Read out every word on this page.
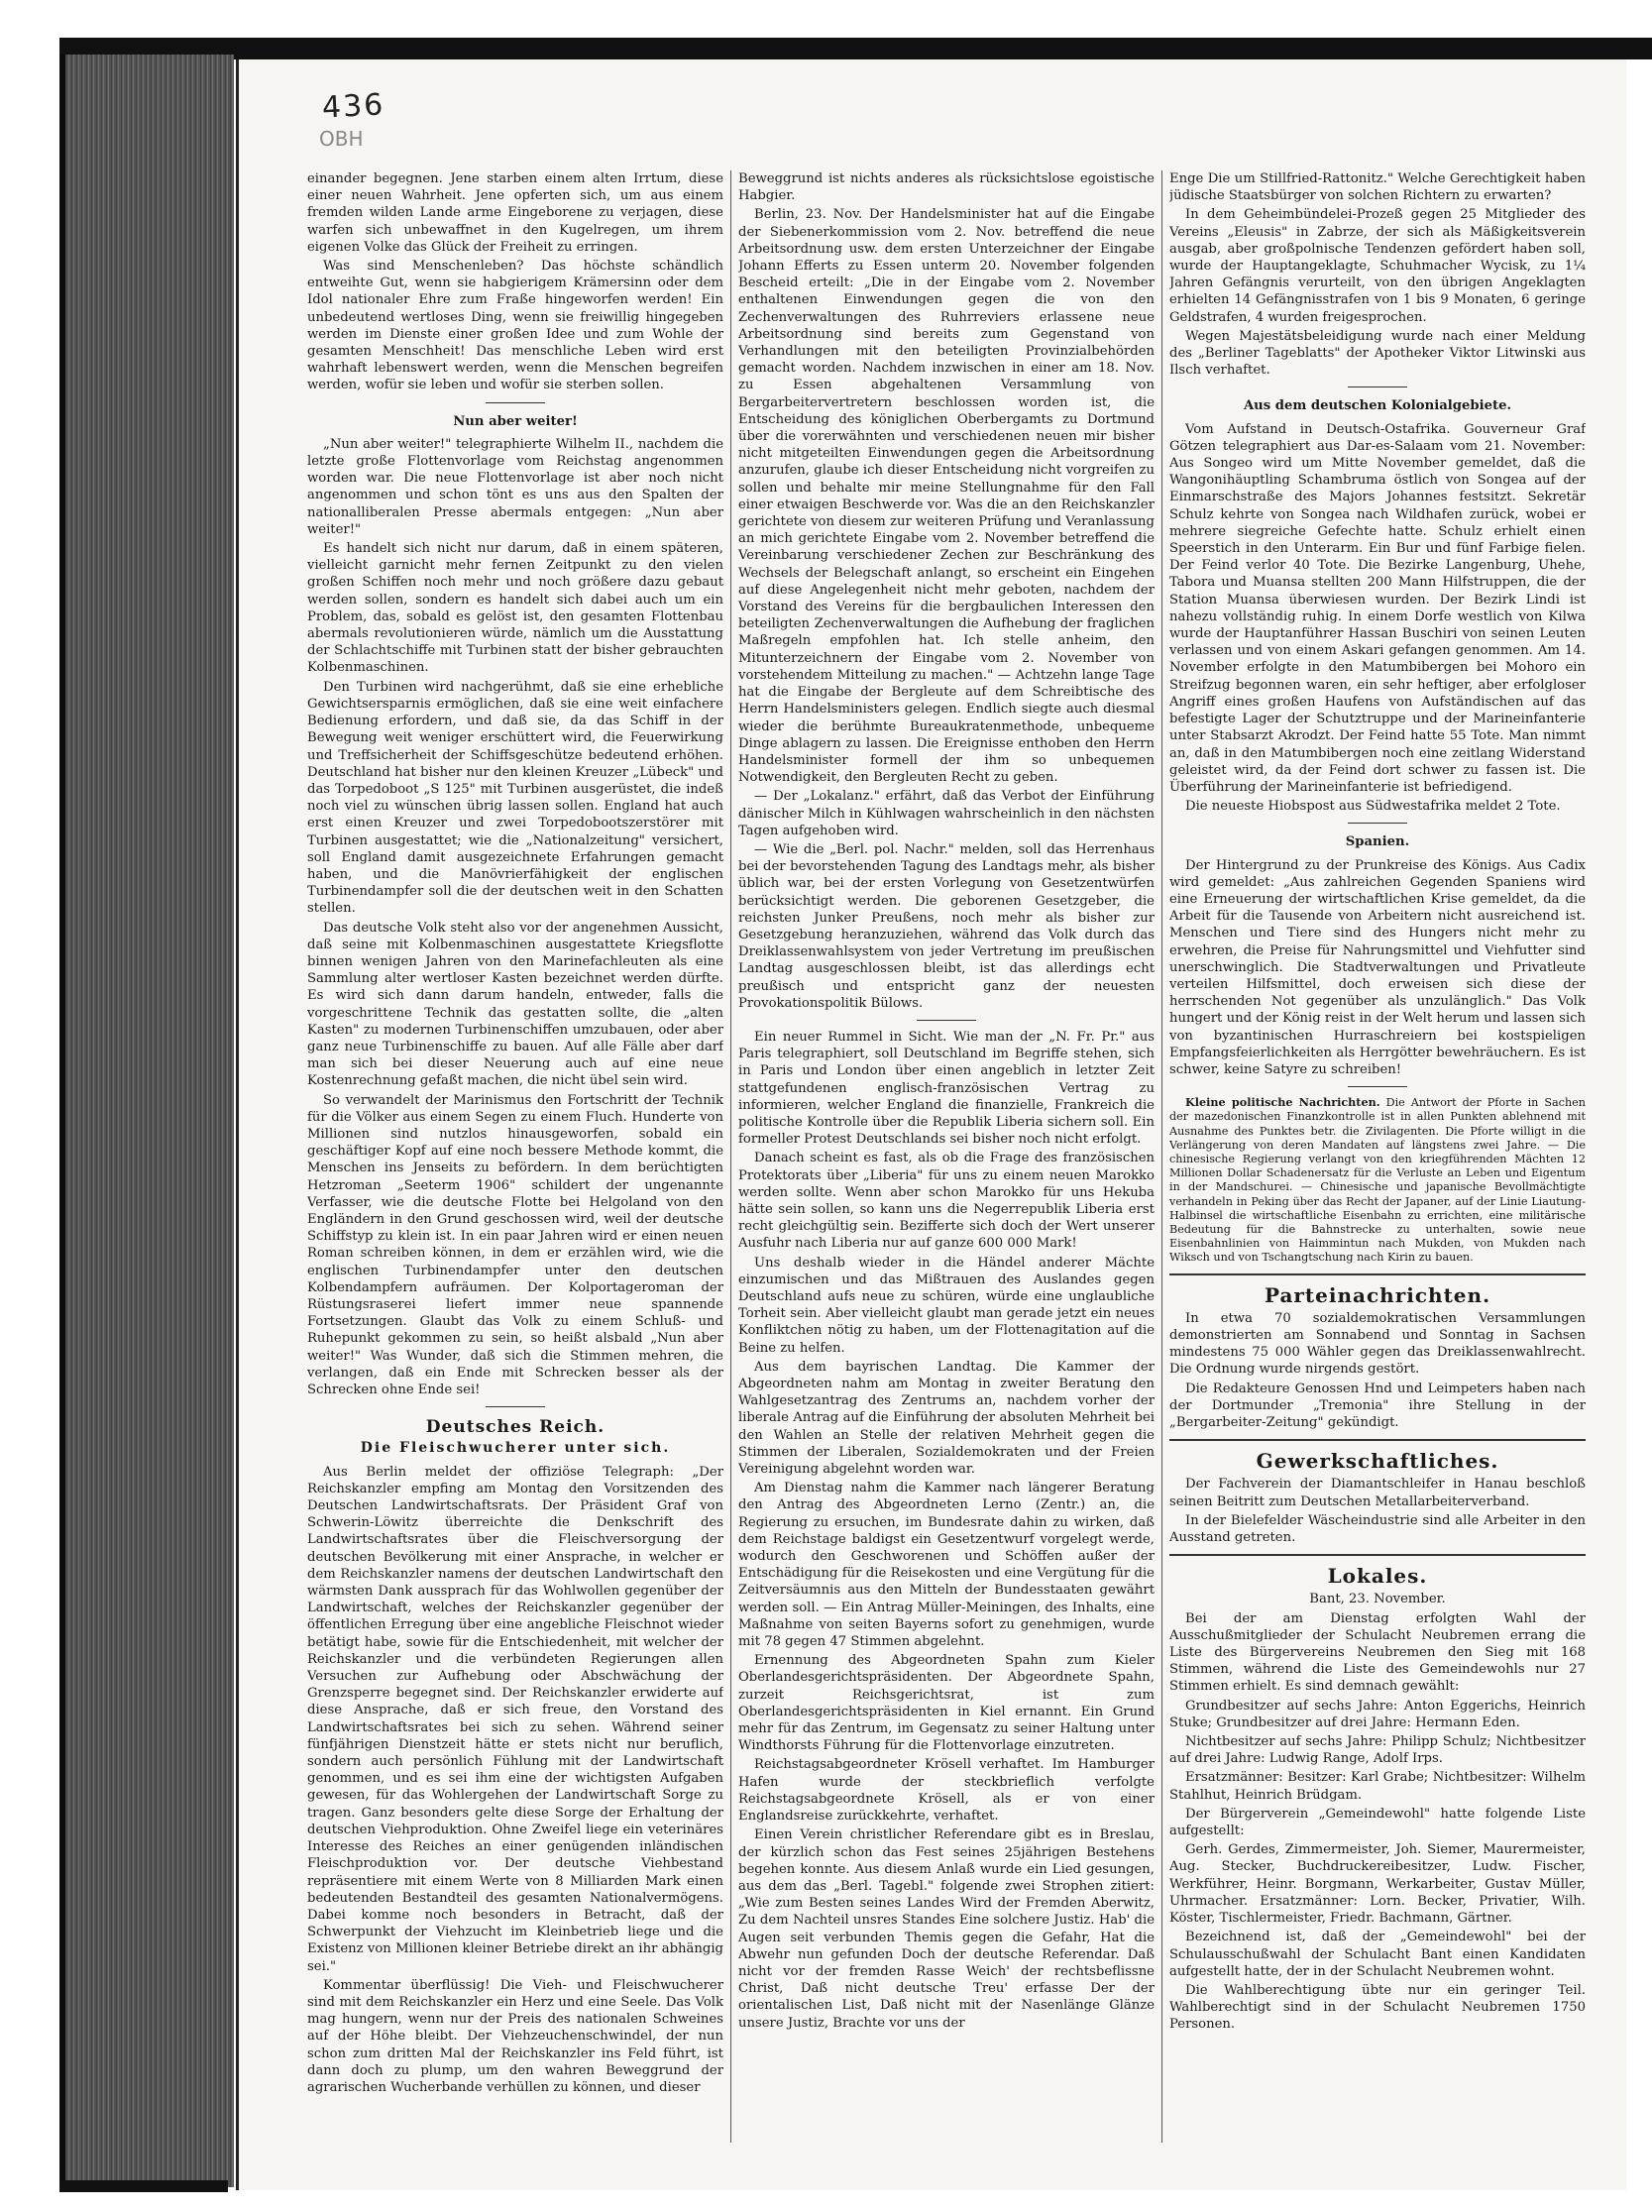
436
OBH

einander begegnen. Jene starben einem alten Irrtum, diese einer neuen Wahrheit. Jene opferten sich, um aus einem fremden wilden Lande arme Eingeborene zu verjagen, diese warfen sich unbewaffnet in den Kugelregen, um ihrem eigenen Volke das Glück der Freiheit zu erringen.

Was sind Menschenleben? Das höchste schändlich entweihte Gut, wenn sie habgierigem Krämersinn oder dem Idol nationaler Ehre zum Fraße hingeworfen werden! Ein unbedeutend wertloses Ding, wenn sie freiwillig hingegeben werden im Dienste einer großen Idee und zum Wohle der gesamten Menschheit! Das menschliche Leben wird erst wahrhaft lebenswert werden, wenn die Menschen begreifen werden, wofür sie leben und wofür sie sterben sollen.

Nun aber weiter!

„Nun aber weiter!" telegraphierte Wilhelm II., nachdem die letzte große Flottenvorlage vom Reichstag angenommen worden war. Die neue Flottenvorlage ist aber noch nicht angenommen und schon tönt es uns aus den Spalten der nationalliberalen Presse abermals entgegen: „Nun aber weiter!"

Es handelt sich nicht nur darum, daß in einem späteren, vielleicht garnicht mehr fernen Zeitpunkt zu den vielen großen Schiffen noch mehr und noch größere dazu gebaut werden sollen, sondern es handelt sich dabei auch um ein Problem, das, sobald es gelöst ist, den gesamten Flottenbau abermals revolutionieren würde, nämlich um die Ausstattung der Schlachtschiffe mit Turbinen statt der bisher gebrauchten Kolbenmaschinen.

Den Turbinen wird nachgerühmt, daß sie eine erhebliche Gewichtsersparnis ermöglichen, daß sie eine weit einfachere Bedienung erfordern, und daß sie, da das Schiff in der Bewegung weit weniger erschüttert wird, die Feuerwirkung und Treffsicherheit der Schiffsgeschütze bedeutend erhöhen. Deutschland hat bisher nur den kleinen Kreuzer „Lübeck" und das Torpedoboot „S 125" mit Turbinen ausgerüstet, die indeß noch viel zu wünschen übrig lassen sollen. England hat auch erst einen Kreuzer und zwei Torpedobootszerstörer mit Turbinen ausgestattet; wie die „Nationalzeitung" versichert, soll England damit ausgezeichnete Erfahrungen gemacht haben, und die Manövrierfähigkeit der englischen Turbinendampfer soll die der deutschen weit in den Schatten stellen.

Das deutsche Volk steht also vor der angenehmen Aussicht, daß seine mit Kolbenmaschinen ausgestattete Kriegsflotte binnen wenigen Jahren von den Marinefachleuten als eine Sammlung alter wertloser Kasten bezeichnet werden dürfte. Es wird sich dann darum handeln, entweder, falls die vorgeschrittene Technik das gestatten sollte, die „alten Kasten" zu modernen Turbinenschiffen umzubauen, oder aber ganz neue Turbinenschiffe zu bauen. Auf alle Fälle aber darf man sich bei dieser Neuerung auch auf eine neue Kostenrechnung gefaßt machen, die nicht übel sein wird.

So verwandelt der Marinismus den Fortschritt der Technik für die Völker aus einem Segen zu einem Fluch. Hunderte von Millionen sind nutzlos hinausgeworfen, sobald ein geschäftiger Kopf auf eine noch bessere Methode kommt, die Menschen ins Jenseits zu befördern. In dem berüchtigten Hetzroman „Seeterm 1906" schildert der ungenannte Verfasser, wie die deutsche Flotte bei Helgoland von den Engländern in den Grund geschossen wird, weil der deutsche Schiffstyp zu klein ist. In ein paar Jahren wird er einen neuen Roman schreiben können, in dem er erzählen wird, wie die englischen Turbinendampfer unter den deutschen Kolbendampfern aufräumen. Der Kolportageroman der Rüstungsraserei liefert immer neue spannende Fortsetzungen. Glaubt das Volk zu einem Schluß- und Ruhepunkt gekommen zu sein, so heißt alsbald „Nun aber weiter!" Was Wunder, daß sich die Stimmen mehren, die verlangen, daß ein Ende mit Schrecken besser als der Schrecken ohne Ende sei!

Deutsches Reich.
Die Fleischwucherer unter sich.

Aus Berlin meldet der offiziöse Telegraph: „Der Reichskanzler empfing am Montag den Vorsitzenden des Deutschen Landwirtschaftsrats. Der Präsident Graf von Schwerin-Löwitz überreichte die Denkschrift des Landwirtschaftsrates über die Fleischversorgung der deutschen Bevölkerung mit einer Ansprache, in welcher er dem Reichskanzler namens der deutschen Landwirtschaft den wärmsten Dank aussprach für das Wohlwollen gegenüber der Landwirtschaft, welches der Reichskanzler gegenüber der öffentlichen Erregung über eine angebliche Fleischnot wieder betätigt habe, sowie für die Entschiedenheit, mit welcher der Reichskanzler und die verbündeten Regierungen allen Versuchen zur Aufhebung oder Abschwächung der Grenzsperre begegnet sind. Der Reichskanzler erwiderte auf diese Ansprache, daß er sich freue, den Vorstand des Landwirtschaftsrates bei sich zu sehen. Während seiner fünfjährigen Dienstzeit hätte er stets nicht nur beruflich, sondern auch persönlich Fühlung mit der Landwirtschaft genommen, und es sei ihm eine der wichtigsten Aufgaben gewesen, für das Wohlergehen der Landwirtschaft Sorge zu tragen. Ganz besonders gelte diese Sorge der Erhaltung der deutschen Viehproduktion. Ohne Zweifel liege ein veterinäres Interesse des Reiches an einer genügenden inländischen Fleischproduktion vor. Der deutsche Viehbestand repräsentiere mit einem Werte von 8 Milliarden Mark einen bedeutenden Bestandteil des gesamten Nationalvermögens. Dabei komme noch besonders in Betracht, daß der Schwerpunkt der Viehzucht im Kleinbetrieb liege und die Existenz von Millionen kleiner Betriebe direkt an ihr abhängig sei."

Kommentar überflüssig! Die Vieh- und Fleischwucherer sind mit dem Reichskanzler ein Herz und eine Seele. Das Volk mag hungern, wenn nur der Preis des nationalen Schweines auf der Höhe bleibt. Der Viehzeuchenschwindel, der nun schon zum dritten Mal der Reichskanzler ins Feld führt, ist dann doch zu plump, um den wahren Beweggrund der agrarischen Wucherbande verhüllen zu können, und dieser

Beweggrund ist nichts anderes als rücksichtslose egoistische Habgier.

Berlin, 23. Nov. Der Handelsminister hat auf die Eingabe der Siebenerkommission vom 2. Nov. betreffend die neue Arbeitsordnung usw. dem ersten Unterzeichner der Eingabe Johann Efferts zu Essen unterm 20. November folgenden Bescheid erteilt: „Die in der Eingabe vom 2. November enthaltenen Einwendungen gegen die von den Zechenverwaltungen des Ruhrreviers erlassene neue Arbeitsordnung sind bereits zum Gegenstand von Verhandlungen mit den beteiligten Provinzialbehörden gemacht worden. Nachdem inzwischen in einer am 18. Nov. zu Essen abgehaltenen Versammlung von Bergarbeitervertretern beschlossen worden ist, die Entscheidung des königlichen Oberbergamts zu Dortmund über die vorerwähnten und verschiedenen neuen mir bisher nicht mitgeteilten Einwendungen gegen die Arbeitsordnung anzurufen, glaube ich dieser Entscheidung nicht vorgreifen zu sollen und behalte mir meine Stellungnahme für den Fall einer etwaigen Beschwerde vor. Was die an den Reichskanzler gerichtete von diesem zur weiteren Prüfung und Veranlassung an mich gerichtete Eingabe vom 2. November betreffend die Vereinbarung verschiedener Zechen zur Beschränkung des Wechsels der Belegschaft anlangt, so erscheint ein Eingehen auf diese Angelegenheit nicht mehr geboten, nachdem der Vorstand des Vereins für die bergbaulichen Interessen den beteiligten Zechenverwaltungen die Aufhebung der fraglichen Maßregeln empfohlen hat. Ich stelle anheim, den Mitunterzeichnern der Eingabe vom 2. November von vorstehendem Mitteilung zu machen." — Achtzehn lange Tage hat die Eingabe der Bergleute auf dem Schreibtische des Herrn Handelsministers gelegen. Endlich siegte auch diesmal wieder die berühmte Bureaukratenmethode, unbequeme Dinge ablagern zu lassen. Die Ereignisse enthoben den Herrn Handelsminister formell der ihm so unbequemen Notwendigkeit, den Bergleuten Recht zu geben.

— Der „Lokalanz." erfährt, daß das Verbot der Einführung dänischer Milch in Kühlwagen wahrscheinlich in den nächsten Tagen aufgehoben wird.

— Wie die „Berl. pol. Nachr." melden, soll das Herrenhaus bei der bevorstehenden Tagung des Landtags mehr, als bisher üblich war, bei der ersten Vorlegung von Gesetzentwürfen berücksichtigt werden. Die geborenen Gesetzgeber, die reichsten Junker Preußens, noch mehr als bisher zur Gesetzgebung heranzuziehen, während das Volk durch das Dreiklassenwahlsystem von jeder Vertretung im preußischen Landtag ausgeschlossen bleibt, ist das allerdings echt preußisch und entspricht ganz der neuesten Provokationspolitik Bülows.

Ein neuer Rummel in Sicht. Wie man der „N. Fr. Pr." aus Paris telegraphiert, soll Deutschland im Begriffe stehen, sich in Paris und London über einen angeblich in letzter Zeit stattgefundenen englisch-französischen Vertrag zu informieren, welcher England die finanzielle, Frankreich die politische Kontrolle über die Republik Liberia sichern soll. Ein formeller Protest Deutschlands sei bisher noch nicht erfolgt.

Danach scheint es fast, als ob die Frage des französischen Protektorats über „Liberia" für uns zu einem neuen Marokko werden sollte. Wenn aber schon Marokko für uns Hekuba hätte sein sollen, so kann uns die Negerrepublik Liberia erst recht gleichgültig sein. Bezifferte sich doch der Wert unserer Ausfuhr nach Liberia nur auf ganze 600 000 Mark!

Uns deshalb wieder in die Händel anderer Mächte einzumischen und das Mißtrauen des Auslandes gegen Deutschland aufs neue zu schüren, würde eine unglaubliche Torheit sein. Aber vielleicht glaubt man gerade jetzt ein neues Konfliktchen nötig zu haben, um der Flottenagitation auf die Beine zu helfen.

Aus dem bayrischen Landtag. Die Kammer der Abgeordneten nahm am Montag in zweiter Beratung den Wahlgesetzantrag des Zentrums an, nachdem vorher der liberale Antrag auf die Einführung der absoluten Mehrheit bei den Wahlen an Stelle der relativen Mehrheit gegen die Stimmen der Liberalen, Sozialdemokraten und der Freien Vereinigung abgelehnt worden war.

Am Dienstag nahm die Kammer nach längerer Beratung den Antrag des Abgeordneten Lerno (Zentr.) an, die Regierung zu ersuchen, im Bundesrate dahin zu wirken, daß dem Reichstage baldigst ein Gesetzentwurf vorgelegt werde, wodurch den Geschworenen und Schöffen außer der Entschädigung für die Reisekosten und eine Vergütung für die Zeitversäumnis aus den Mitteln der Bundesstaaten gewährt werden soll. — Ein Antrag Müller-Meiningen, des Inhalts, eine Maßnahme von seiten Bayerns sofort zu genehmigen, wurde mit 78 gegen 47 Stimmen abgelehnt.

Ernennung des Abgeordneten Spahn zum Kieler Oberlandesgerichtspräsidenten. Der Abgeordnete Spahn, zurzeit Reichsgerichtsrat, ist zum Oberlandesgerichtspräsidenten in Kiel ernannt. Ein Grund mehr für das Zentrum, im Gegensatz zu seiner Haltung unter Windthorsts Führung für die Flottenvorlage einzutreten.

Reichstagsabgeordneter Krösell verhaftet. Im Hamburger Hafen wurde der steckbrieflich verfolgte Reichstagsabgeordnete Krösell, als er von einer Englandsreise zurückkehrte, verhaftet.

Einen Verein christlicher Referendare gibt es in Breslau, der kürzlich schon das Fest seines 25jährigen Bestehens begehen konnte. Aus diesem Anlaß wurde ein Lied gesungen, aus dem das „Berl. Tagebl." folgende zwei Strophen zitiert: „Wie zum Besten seines Landes Wird der Fremden Aberwitz, Zu dem Nachteil unsres Standes Eine solchere Justiz. Hab' die Augen seit verbunden Themis gegen die Gefahr, Hat die Abwehr nun gefunden Doch der deutsche Referendar. Daß nicht vor der fremden Rasse Weich' der rechtsbeflissne Christ, Daß nicht deutsche Treu' erfasse Der der orientalischen List, Daß nicht mit der Nasenlänge Glänze unsere Justiz, Brachte vor uns der

Enge Die um Stillfried-Rattonitz." Welche Gerechtigkeit haben jüdische Staatsbürger von solchen Richtern zu erwarten?

In dem Geheimbündelei-Prozeß gegen 25 Mitglieder des Vereins „Eleusis" in Zabrze, der sich als Mäßigkeitsverein ausgab, aber großpolnische Tendenzen gefördert haben soll, wurde der Hauptangeklagte, Schuhmacher Wycisk, zu 1¼ Jahren Gefängnis verurteilt, von den übrigen Angeklagten erhielten 14 Gefängnisstrafen von 1 bis 9 Monaten, 6 geringe Geldstrafen, 4 wurden freigesprochen.

Wegen Majestätsbeleidigung wurde nach einer Meldung des „Berliner Tageblatts" der Apotheker Viktor Litwinski aus Ilsch verhaftet.

Aus dem deutschen Kolonialgebiete.

Vom Aufstand in Deutsch-Ostafrika. Gouverneur Graf Götzen telegraphiert aus Dar-es-Salaam vom 21. November: Aus Songeo wird um Mitte November gemeldet, daß die Wangonihäuptling Schambruma östlich von Songea auf der Einmarschstraße des Majors Johannes festsitzt. Sekretär Schulz kehrte von Songea nach Wildhafen zurück, wobei er mehrere siegreiche Gefechte hatte. Schulz erhielt einen Speerstich in den Unterarm. Ein Bur und fünf Farbige fielen. Der Feind verlor 40 Tote. Die Bezirke Langenburg, Uhehe, Tabora und Muansa stellten 200 Mann Hilfstruppen, die der Station Muansa überwiesen wurden. Der Bezirk Lindi ist nahezu vollständig ruhig. In einem Dorfe westlich von Kilwa wurde der Hauptanführer Hassan Buschiri von seinen Leuten verlassen und von einem Askari gefangen genommen. Am 14. November erfolgte in den Matumbibergen bei Mohoro ein Streifzug begonnen waren, ein sehr heftiger, aber erfolgloser Angriff eines großen Haufens von Aufständischen auf das befestigte Lager der Schutztruppe und der Marineinfanterie unter Stabsarzt Akrodzt. Der Feind hatte 55 Tote. Man nimmt an, daß in den Matumbibergen noch eine zeitlang Widerstand geleistet wird, da der Feind dort schwer zu fassen ist. Die Überführung der Marineinfanterie ist befriedigend.

Die neueste Hiobspost aus Südwestafrika meldet 2 Tote.

Spanien.

Der Hintergrund zu der Prunkreise des Königs. Aus Cadix wird gemeldet: „Aus zahlreichen Gegenden Spaniens wird eine Erneuerung der wirtschaftlichen Krise gemeldet, da die Arbeit für die Tausende von Arbeitern nicht ausreichend ist. Menschen und Tiere sind des Hungers nicht mehr zu erwehren, die Preise für Nahrungsmittel und Viehfutter sind unerschwinglich. Die Stadtverwaltungen und Privatleute verteilen Hilfsmittel, doch erweisen sich diese der herrschenden Not gegenüber als unzulänglich." Das Volk hungert und der König reist in der Welt herum und lassen sich von byzantinischen Hurraschreiern bei kostspieligen Empfangsfeierlichkeiten als Herrgötter bewehräuchern. Es ist schwer, keine Satyre zu schreiben!

Kleine politische Nachrichten. Die Antwort der Pforte in Sachen der mazedonischen Finanzkontrolle ist in allen Punkten ablehnend mit Ausnahme des Punktes betr. die Zivilagenten. Die Pforte willigt in die Verlängerung von deren Mandaten auf längstens zwei Jahre. — Die chinesische Regierung verlangt von den kriegführenden Mächten 12 Millionen Dollar Schadenersatz für die Verluste an Leben und Eigentum in der Mandschurei. — Chinesische und japanische Bevollmächtigte verhandeln in Peking über das Recht der Japaner, auf der Linie Liautung-Halbinsel die wirtschaftliche Eisenbahn zu errichten, eine militärische Bedeutung für die Bahnstrecke zu unterhalten, sowie neue Eisenbahnlinien von Haimmintun nach Mukden, von Mukden nach Wiksch und von Tschangtschung nach Kirin zu bauen.

Parteinachrichten.

In etwa 70 sozialdemokratischen Versammlungen demonstrierten am Sonnabend und Sonntag in Sachsen mindestens 75 000 Wähler gegen das Dreiklassenwahlrecht. Die Ordnung wurde nirgends gestört.

Die Redakteure Genossen Hnd und Leimpeters haben nach der Dortmunder „Tremonia" ihre Stellung in der „Bergarbeiter-Zeitung" gekündigt.

Gewerkschaftliches.

Der Fachverein der Diamantschleifer in Hanau beschloß seinen Beitritt zum Deutschen Metallarbeiterverband.

In der Bielefelder Wäscheindustrie sind alle Arbeiter in den Ausstand getreten.

Lokales.

Bant, 23. November.

Bei der am Dienstag erfolgten Wahl der Ausschußmitglieder der Schulacht Neubremen errang die Liste des Bürgervereins Neubremen den Sieg mit 168 Stimmen, während die Liste des Gemeindewohls nur 27 Stimmen erhielt. Es sind demnach gewählt:

Grundbesitzer auf sechs Jahre: Anton Eggerichs, Heinrich Stuke; Grundbesitzer auf drei Jahre: Hermann Eden.

Nichtbesitzer auf sechs Jahre: Philipp Schulz; Nichtbesitzer auf drei Jahre: Ludwig Range, Adolf Irps.

Ersatzmänner: Besitzer: Karl Grabe; Nichtbesitzer: Wilhelm Stahlhut, Heinrich Brüdgam.

Der Bürgerverein „Gemeindewohl" hatte folgende Liste aufgestellt:

Gerh. Gerdes, Zimmermeister, Joh. Siemer, Maurermeister, Aug. Stecker, Buchdruckereibesitzer, Ludw. Fischer, Werkführer, Heinr. Borgmann, Werkarbeiter, Gustav Müller, Uhrmacher. Ersatzmänner: Lorn. Becker, Privatier, Wilh. Köster, Tischlermeister, Friedr. Bachmann, Gärtner.

Bezeichnend ist, daß der „Gemeindewohl" bei der Schulausschußwahl der Schulacht Bant einen Kandidaten aufgestellt hatte, der in der Schulacht Neubremen wohnt.

Die Wahlberechtigung übte nur ein geringer Teil. Wahlberechtigt sind in der Schulacht Neubremen 1750 Personen.
